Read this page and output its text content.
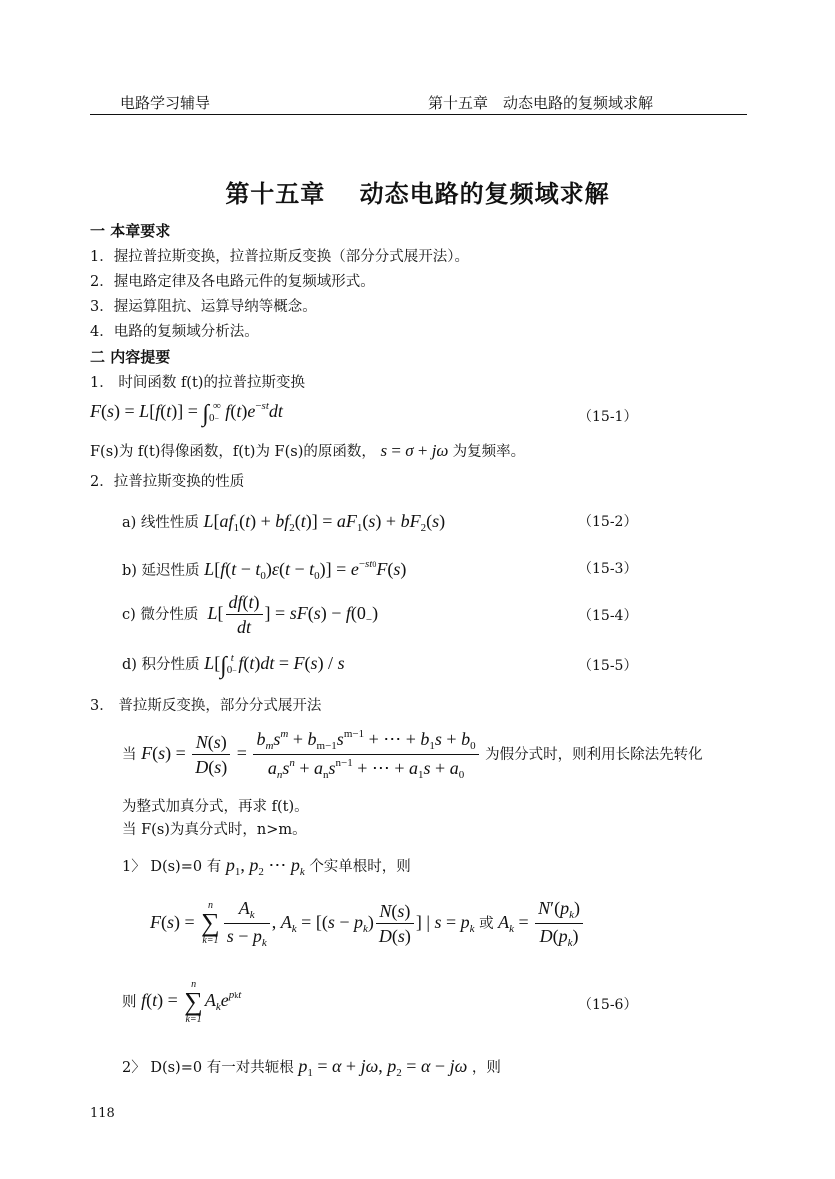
电路学习辅导	第十五章　动态电路的复频域求解
第十五章　 动态电路的复频域求解
一 本章要求
1．握拉普拉斯变换，拉普拉斯反变换（部分分式展开法）。
2．握电路定律及各电路元件的复频域形式。
3．握运算阻抗、运算导纳等概念。
4．电路的复频域分析法。
二 内容提要
1． 时间函数 f(t)的拉普拉斯变换
$F(s) = L[f(t)] = \int_{0-}^\infty$ $f(t)e^{-st}dt$	（15-1）
F(s)为 f(t)得像函数，f(t)为 F(s)的原函数， s = σ + jω 为复频率。
2．拉普拉斯变换的性质
a) 线性性质 $L[af_1(t) + bf_2(t)] = aF_1(s) + bF_2(s)$	（15-2）
b) 延迟性质 $L[f(t - t_0)\varepsilon(t - t_0)] = e^{-st0}F(s)$	（15-3）
c) 微分性质 $L[ \frac{df(t)}{dt}$ ] = $sF(s) - f(0_-)$	（15-4）
d) 积分性质 $L[\int_{0-}^t$ f(t)dt = F(s) / s	（15-5）
3． 普拉斯反变换，部分分式展开法
当 $F(s) = \frac{N(s)}{D(s)} = \frac{b_ms^m + b_{m-1}s^{m-1} + \cdots + b_1s + b_0}{a_ns^n + a_ns^{n-1} + \cdots + a_1s + a_0}$ 为假分式时，则利用长除法先转化
为整式加真分式，再求 f(t)。
当 F(s)为真分式时，n>m。
1〉 D(s)=0 有 $p_1$, $p_2$ ⋯ $p_k$ 个实单根时，则
F(s) =
n
∑
$k=1 \frac{A_k}{s - p_k}$ , $A_k = [(s - p_k) \frac{N(s)}{D(s)}$ ] | $s = p_k$ 或 $A_k = \frac{N'(p_k)}{D(p_k)}$
则 f(t) =
n
∑
k=1
$A_ke^{pkt}$
（15-6）
2〉 D(s)=0 有一对共轭根 $p_1 = \alpha + j\omega$, $p_2 = \alpha - j\omega$ ，则
118
